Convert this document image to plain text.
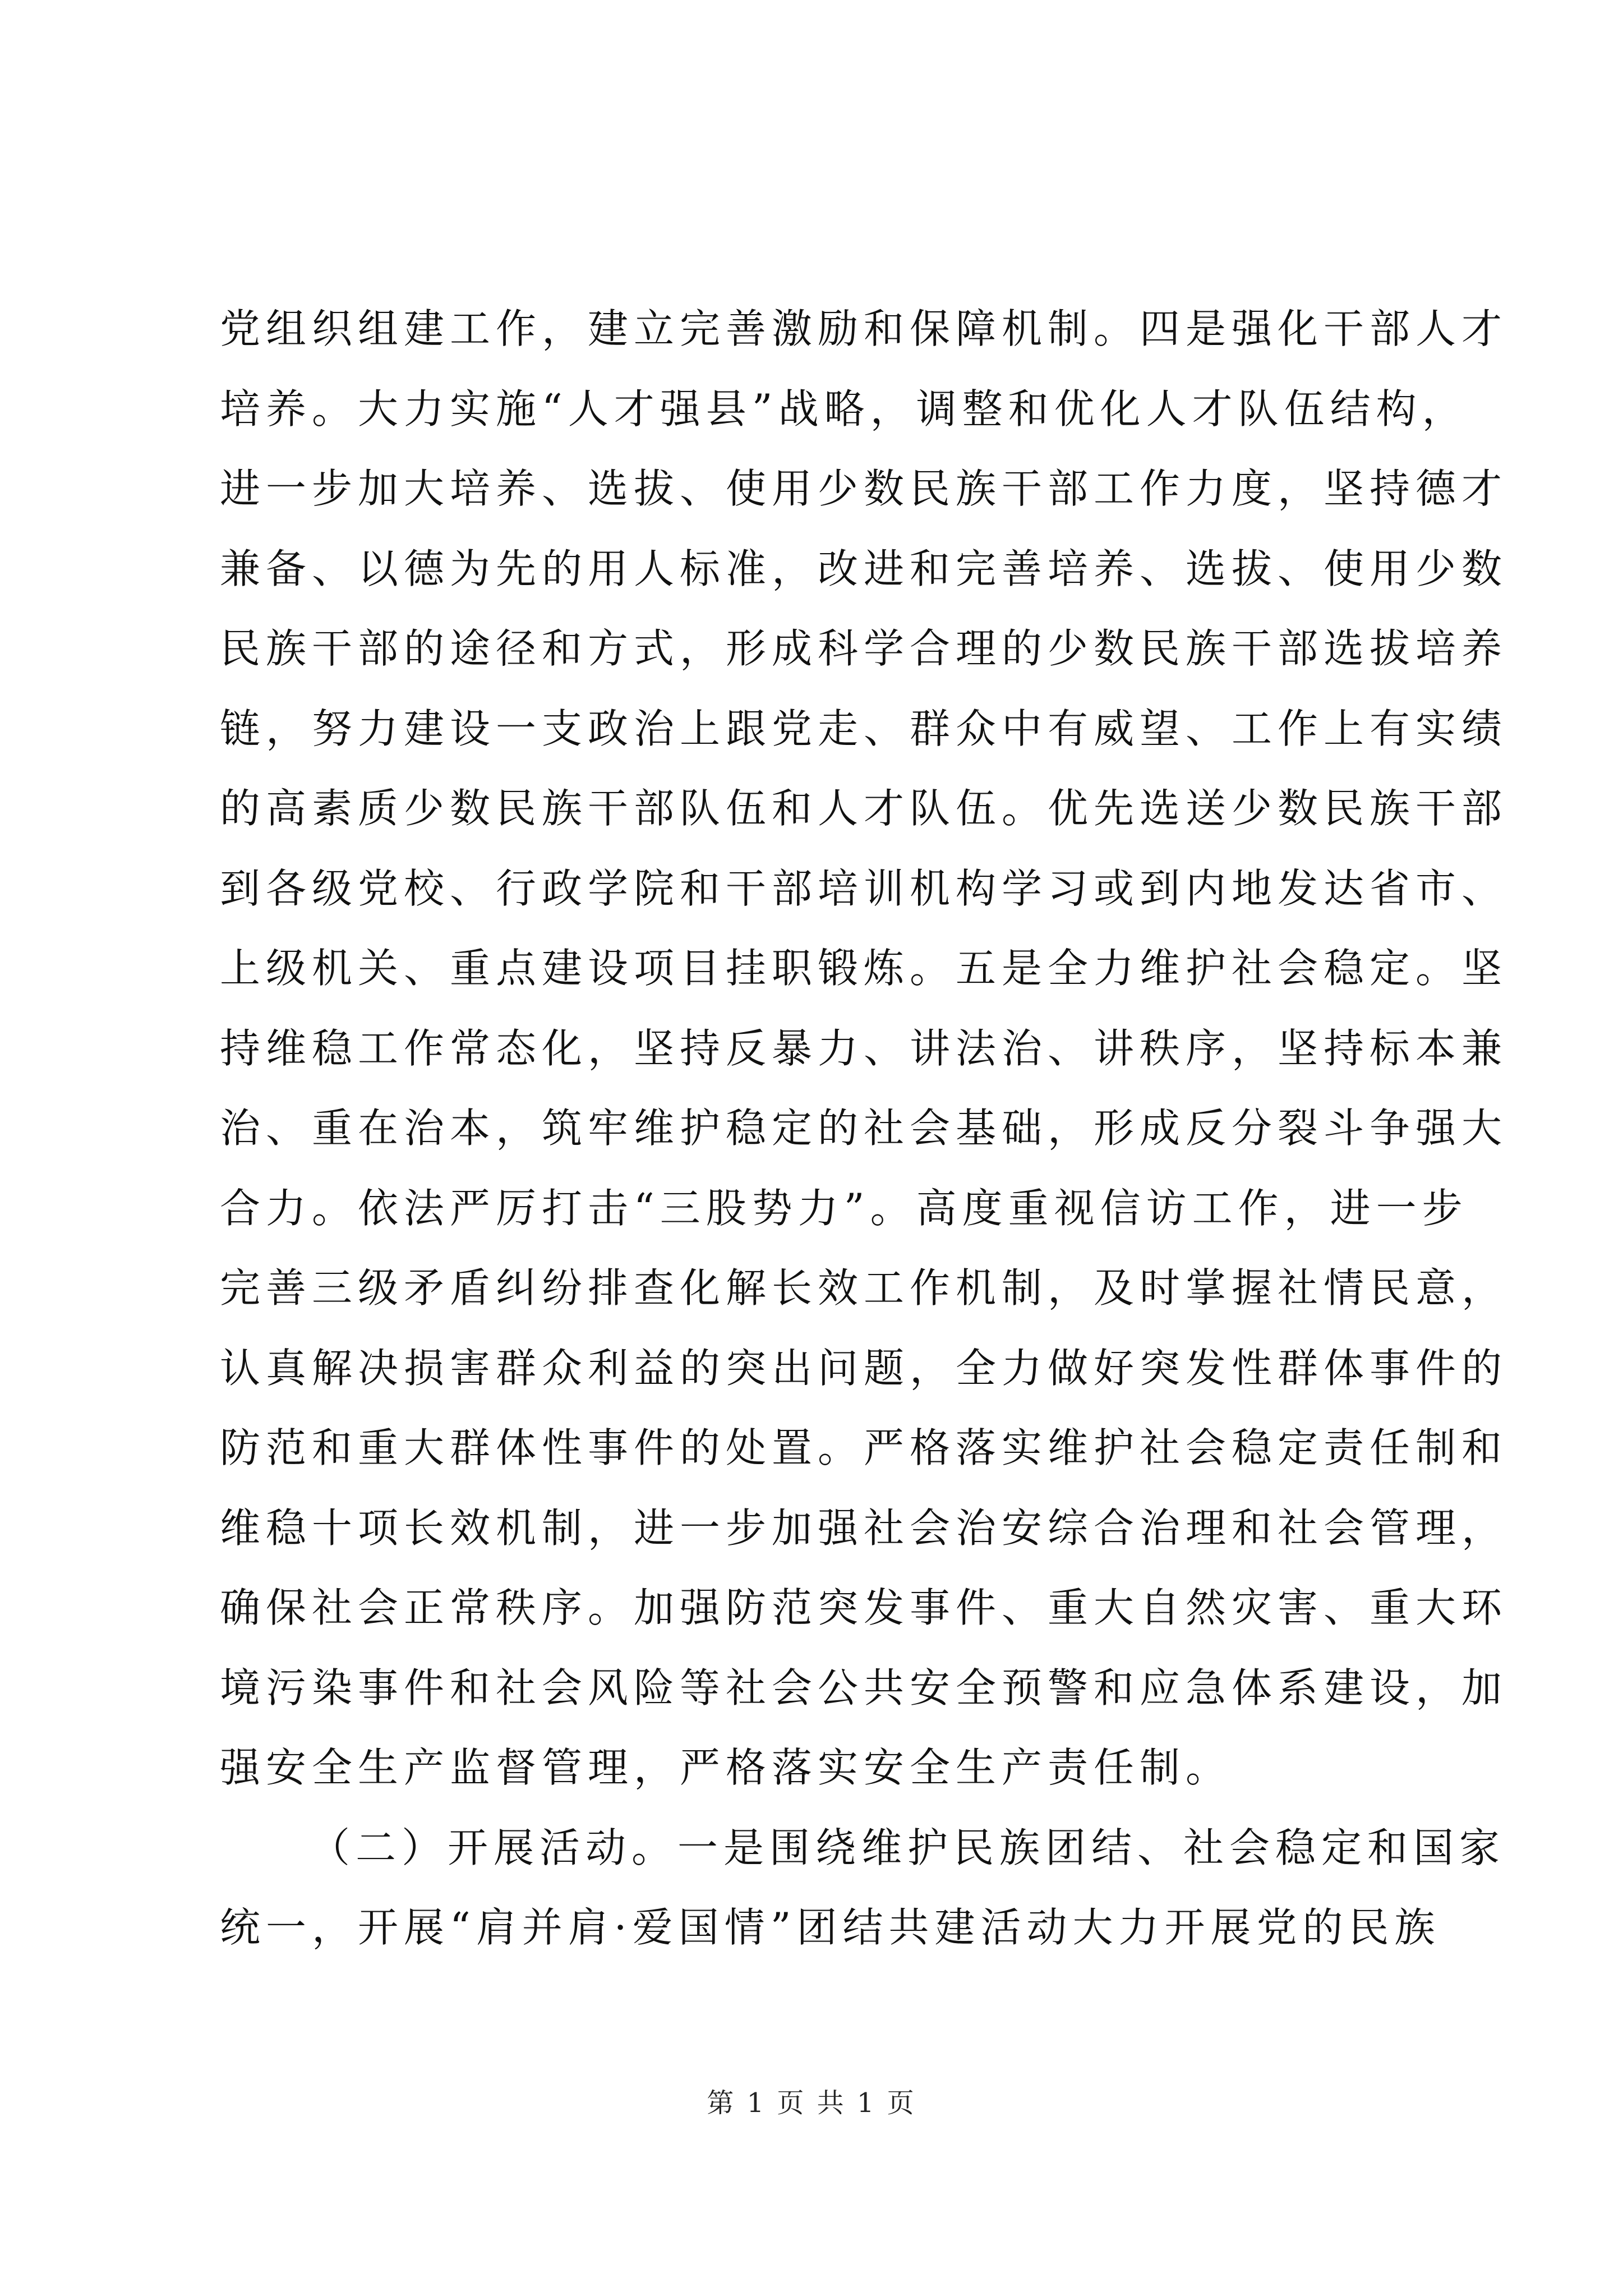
党组织组建工作，建立完善激励和保障机制。四是强化干部人才
培养。大力实施“人才强县”战略，调整和优化人才队伍结构，
进一步加大培养、选拔、使用少数民族干部工作力度，坚持德才
兼备、以德为先的用人标准，改进和完善培养、选拔、使用少数
民族干部的途径和方式，形成科学合理的少数民族干部选拔培养
链，努力建设一支政治上跟党走、群众中有威望、工作上有实绩
的高素质少数民族干部队伍和人才队伍。优先选送少数民族干部
到各级党校、行政学院和干部培训机构学习或到内地发达省市、
上级机关、重点建设项目挂职锻炼。五是全力维护社会稳定。坚
持维稳工作常态化，坚持反暴力、讲法治、讲秩序，坚持标本兼
治、重在治本，筑牢维护稳定的社会基础，形成反分裂斗争强大
合力。依法严厉打击“三股势力”。高度重视信访工作，进一步
完善三级矛盾纠纷排查化解长效工作机制，及时掌握社情民意，
认真解决损害群众利益的突出问题，全力做好突发性群体事件的
防范和重大群体性事件的处置。严格落实维护社会稳定责任制和
维稳十项长效机制，进一步加强社会治安综合治理和社会管理，
确保社会正常秩序。加强防范突发事件、重大自然灾害、重大环
境污染事件和社会风险等社会公共安全预警和应急体系建设，加
强安全生产监督管理，严格落实安全生产责任制。
（二）开展活动。一是围绕维护民族团结、社会稳定和国家
统一，开展“肩并肩·爱国情”团结共建活动大力开展党的民族
第 1 页 共 1 页
